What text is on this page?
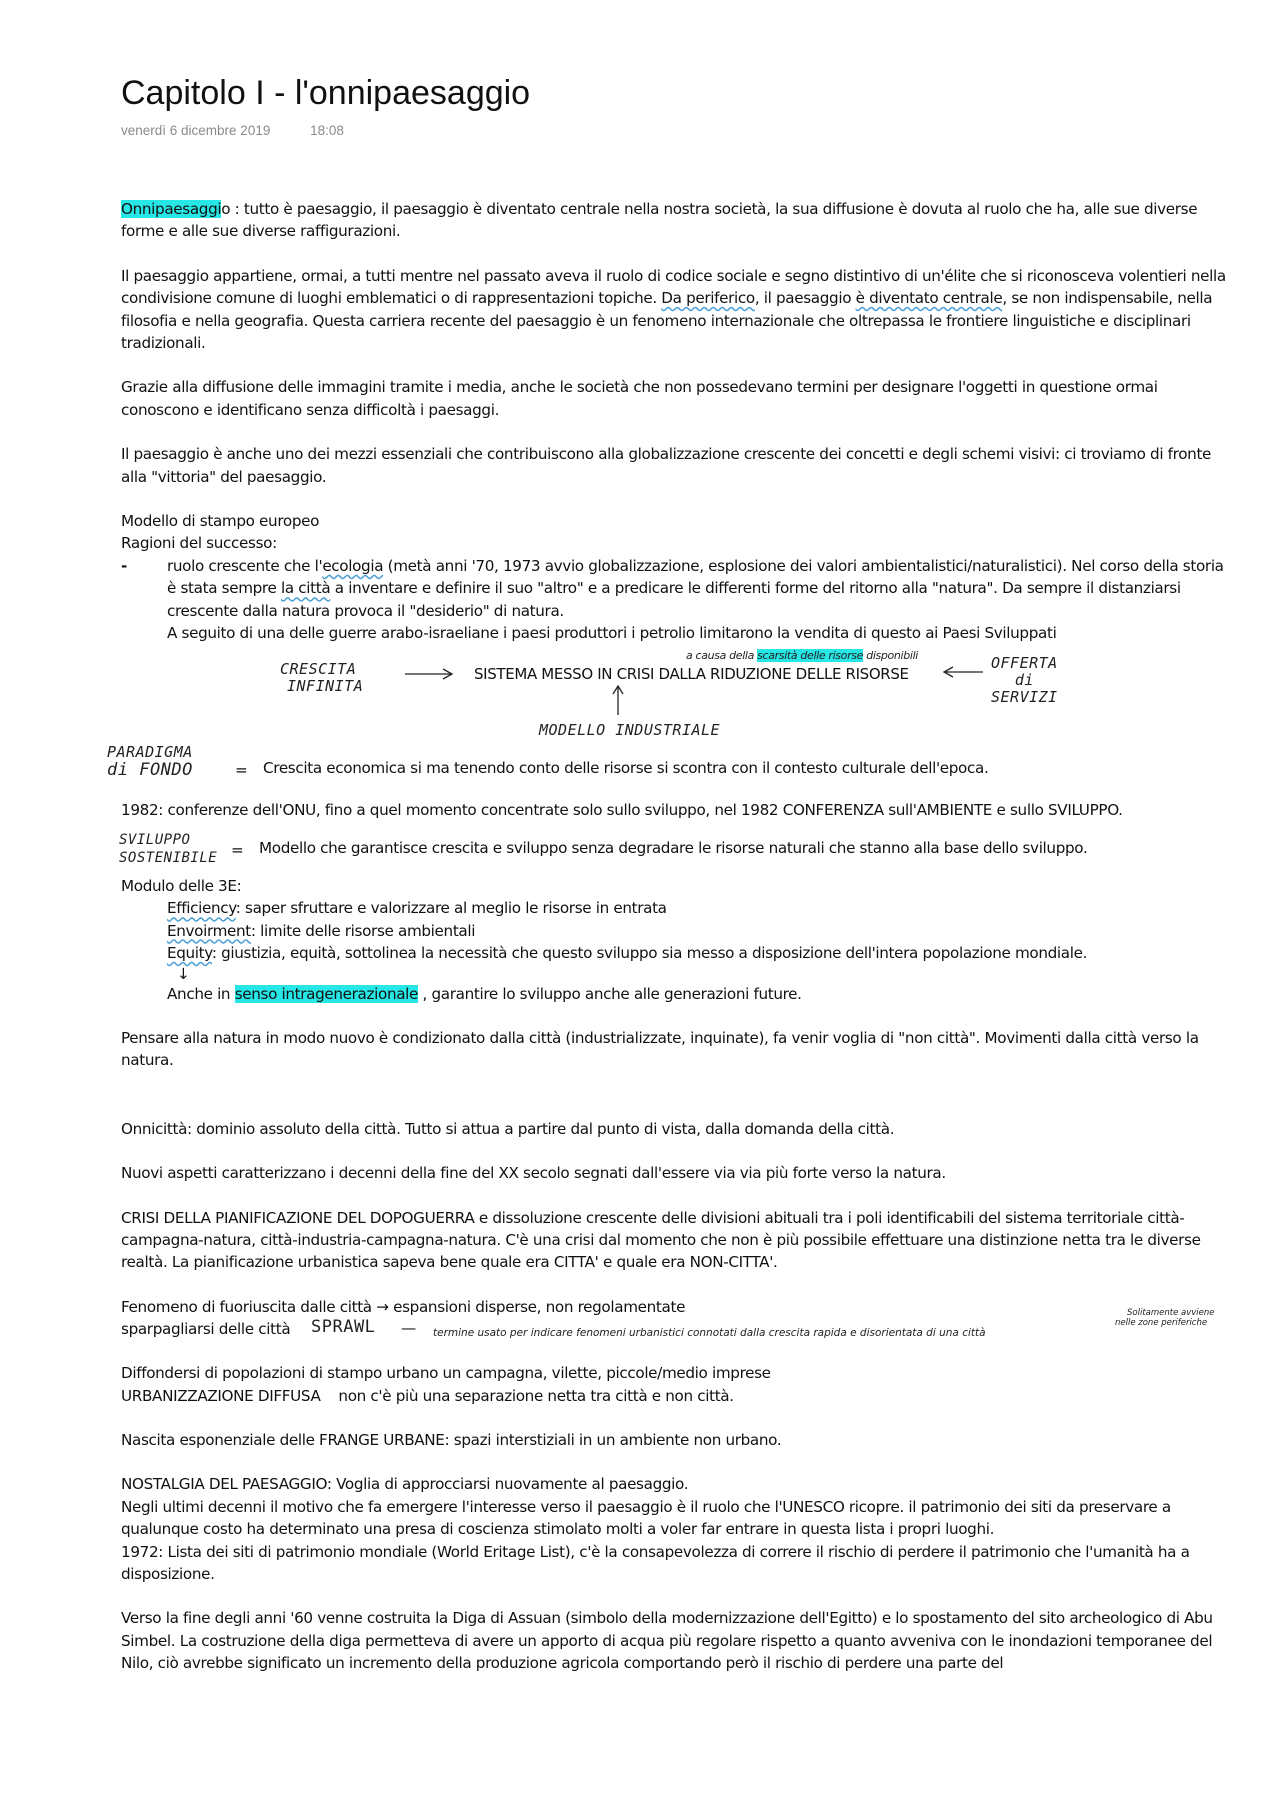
Capitolo I - l'onnipaesaggio
venerdì 6 dicembre 2019	18:08

Onnipaesaggio : tutto è paesaggio, il paesaggio è diventato centrale nella nostra società, la sua diffusione è dovuta al ruolo che ha, alle sue diverse forme e alle sue diverse raffigurazioni.

Il paesaggio appartiene, ormai, a tutti mentre nel passato aveva il ruolo di codice sociale e segno distintivo di un'élite che si riconosceva volentieri nella condivisione comune di luoghi emblematici o di rappresentazioni topiche. Da periferico, il paesaggio è diventato centrale, se non indispensabile, nella filosofia e nella geografia. Questa carriera recente del paesaggio è un fenomeno internazionale che oltrepassa le frontiere linguistiche e disciplinari tradizionali.

Grazie alla diffusione delle immagini tramite i media, anche le società che non possedevano termini per designare l'oggetti in questione ormai conoscono e identificano senza difficoltà i paesaggi.

Il paesaggio è anche uno dei mezzi essenziali che contribuiscono alla globalizzazione crescente dei concetti e degli schemi visivi: ci troviamo di fronte alla "vittoria" del paesaggio.

Modello di stampo europeo

Ragioni del successo:

-	ruolo crescente che l'ecologia (metà anni '70, 1973 avvio globalizzazione, esplosione dei valori ambientalistici/naturalistici). Nel corso della storia è stata sempre la città a inventare e definire il suo "altro" e a predicare le differenti forme del ritorno alla "natura". Da sempre il distanziarsi crescente dalla natura provoca il "desiderio" di natura.
A seguito di una delle guerre arabo-israeliane i paesi produttori i petrolio limitarono la vendita di questo ai Paesi Sviluppati
a causa della scarsità delle risorse disponibili
CRESCITA
INFINITA
SISTEMA MESSO IN CRISI DALLA RIDUZIONE DELLE RISORSE
OFFERTA
di
SERVIZI
MODELLO INDUSTRIALE
PARADIGMA
di FONDO	= Crescita economica si ma tenendo conto delle risorse si scontra con il contesto culturale dell'epoca.

1982: conferenze dell'ONU, fino a quel momento concentrate solo sullo sviluppo, nel 1982 CONFERENZA sull'AMBIENTE e sullo SVILUPPO.

SVILUPPO
SOSTENIBILE = Modello che garantisce crescita e sviluppo senza degradare le risorse naturali che stanno alla base dello sviluppo.

Modulo delle 3E:

Efficiency: saper sfruttare e valorizzare al meglio le risorse in entrata

Envoirment: limite delle risorse ambientali

Equity: giustizia, equità, sottolinea la necessità che questo sviluppo sia messo a disposizione dell'intera popolazione mondiale.

↓

Anche in senso intragenerazionale , garantire lo sviluppo anche alle generazioni future.

Pensare alla natura in modo nuovo è condizionato dalla città (industrializzate, inquinate), fa venir voglia di "non città". Movimenti dalla città verso la natura.

Onnicittà: dominio assoluto della città. Tutto si attua a partire dal punto di vista, dalla domanda della città.

Nuovi aspetti caratterizzano i decenni della fine del XX secolo segnati dall'essere via via più forte verso la natura.

CRISI DELLA PIANIFICAZIONE DEL DOPOGUERRA e dissoluzione crescente delle divisioni abituali tra i poli identificabili del sistema territoriale città-campagna-natura, città-industria-campagna-natura. C'è una crisi dal momento che non è più possibile effettuare una distinzione netta tra le diverse realtà. La pianificazione urbanistica sapeva bene quale era CITTA' e quale era NON-CITTA'.

Fenomeno di fuoriuscita dalle città → espansioni disperse, non regolamentate

sparpagliarsi delle città SPRAWL — termine usato per indicare fenomeni urbanistici connotati dalla crescita rapida e disorientata di una città
Solitamente avviene
nelle zone periferiche

Diffondersi di popolazioni di stampo urbano un campagna, vilette, piccole/medio imprese

URBANIZZAZIONE DIFFUSA    non c'è più una separazione netta tra città e non città.

Nascita esponenziale delle FRANGE URBANE: spazi interstiziali in un ambiente non urbano.

NOSTALGIA DEL PAESAGGIO: Voglia di approcciarsi nuovamente al paesaggio.

Negli ultimi decenni il motivo che fa emergere l'interesse verso il paesaggio è il ruolo che l'UNESCO ricopre. il patrimonio dei siti da preservare a qualunque costo ha determinato una presa di coscienza stimolato molti a voler far entrare in questa lista i propri luoghi.

1972: Lista dei siti di patrimonio mondiale (World Eritage List), c'è la consapevolezza di correre il rischio di perdere il patrimonio che l'umanità ha a disposizione.

Verso la fine degli anni '60 venne costruita la Diga di Assuan (simbolo della modernizzazione dell'Egitto) e lo spostamento del sito archeologico di Abu Simbel. La costruzione della diga permetteva di avere un apporto di acqua più regolare rispetto a quanto avveniva con le inondazioni temporanee del Nilo, ciò avrebbe significato un incremento della produzione agricola comportando però il rischio di perdere una parte del
